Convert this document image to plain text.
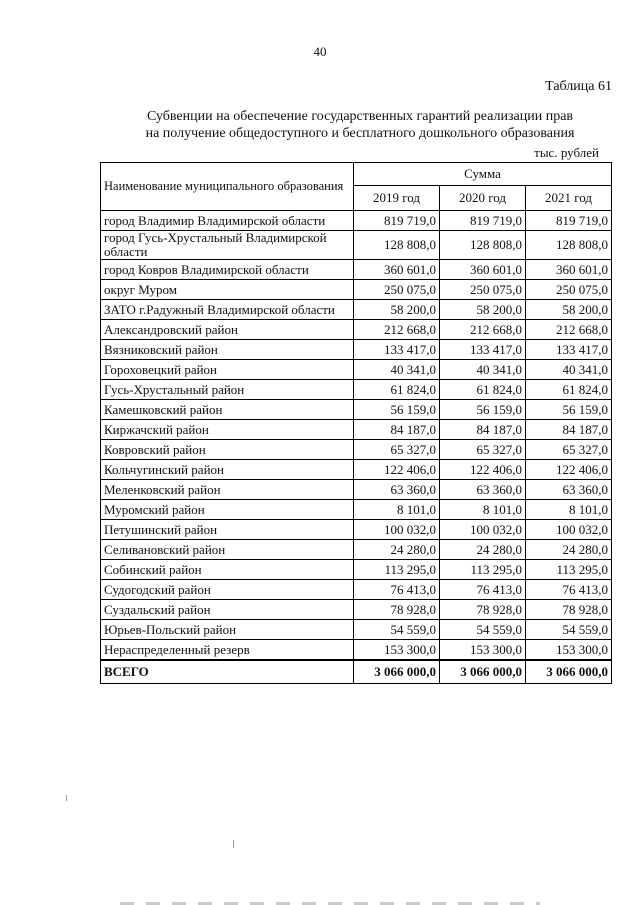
40
Таблица 61
Субвенции на обеспечение государственных гарантий реализации прав
на получение общедоступного и бесплатного дошкольного образования
тыс. рублей
Наименование муниципального образования	Сумма		
	2019 год	2020 год	2021 год
город Владимир Владимирской области	819 719,0	819 719,0	819 719,0
город Гусь-Хрустальный Владимирской области	128 808,0	128 808,0	128 808,0
город Ковров Владимирской области	360 601,0	360 601,0	360 601,0
округ Муром	250 075,0	250 075,0	250 075,0
ЗАТО г.Радужный Владимирской области	58 200,0	58 200,0	58 200,0
Александровский район	212 668,0	212 668,0	212 668,0
Вязниковский район	133 417,0	133 417,0	133 417,0
Гороховецкий район	40 341,0	40 341,0	40 341,0
Гусь-Хрустальный район	61 824,0	61 824,0	61 824,0
Камешковский район	56 159,0	56 159,0	56 159,0
Киржачский район	84 187,0	84 187,0	84 187,0
Ковровский район	65 327,0	65 327,0	65 327,0
Кольчугинский район	122 406,0	122 406,0	122 406,0
Меленковский район	63 360,0	63 360,0	63 360,0
Муромский район	8 101,0	8 101,0	8 101,0
Петушинский район	100 032,0	100 032,0	100 032,0
Селивановский район	24 280,0	24 280,0	24 280,0
Собинский район	113 295,0	113 295,0	113 295,0
Судогодский район	76 413,0	76 413,0	76 413,0
Суздальский район	78 928,0	78 928,0	78 928,0
Юрьев-Польский район	54 559,0	54 559,0	54 559,0
Нераспределенный резерв	153 300,0	153 300,0	153 300,0
ВСЕГО	3 066 000,0	3 066 000,0	3 066 000,0
